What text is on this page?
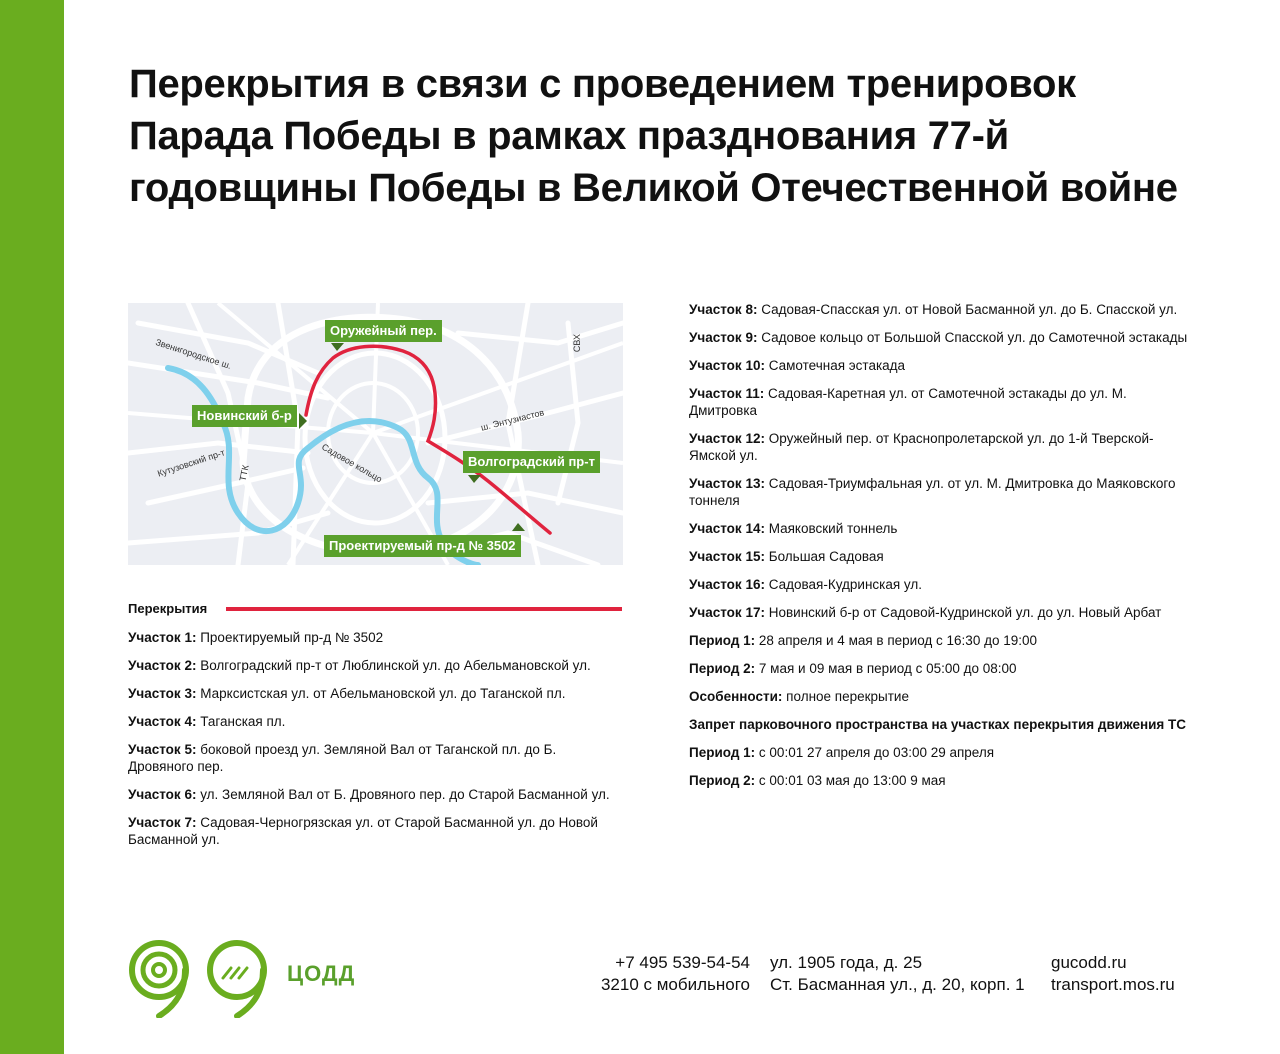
Перекрытия в связи с проведением тренировок Парада Победы в рамках празднования 77-й годовщины Победы в Великой Отечественной войне
Оружейный пер.
Новинский б-р
Волгоградский пр-т
Проектируемый пр-д № 3502
Звенигородское ш.
Кутузовский пр-т ТТК	Садовое кольцо
ш. Энтузиастов
СВХ
Перекрытия
Участок 1: Проектируемый пр-д № 3502
Участок 2: Волгоградский пр-т от Люблинской ул. до Абельмановской ул.
Участок 3: Марксистская ул. от Абельмановской ул. до Таганской пл.
Участок 4: Таганская пл.
Участок 5: боковой проезд ул. Земляной Вал от Таганской пл. до Б. Дровяного пер.
Участок 6: ул. Земляной Вал от Б. Дровяного пер. до Старой Басманной ул.
Участок 7: Садовая-Черногрязская ул. от Старой Басманной ул. до Новой Басманной ул.
Участок 8: Садовая-Спасская ул. от Новой Басманной ул. до Б. Спасской ул.
Участок 9: Садовое кольцо от Большой Спасской ул. до Самотечной эстакады
Участок 10: Самотечная эстакада
Участок 11: Садовая-Каретная ул. от Самотечной эстакады до ул. М. Дмитровка
Участок 12: Оружейный пер. от Краснопролетарской ул. до 1-й Тверской-Ямской ул.
Участок 13: Садовая-Триумфальная ул. от ул. М. Дмитровка до Маяковского тоннеля
Участок 14: Маяковский тоннель
Участок 15: Большая Садовая
Участок 16: Садовая-Кудринская ул.
Участок 17: Новинский б-р от Садовой-Кудринской ул. до ул. Новый Арбат
Период 1: 28 апреля и 4 мая в период с 16:30 до 19:00
Период 2: 7 мая и 09 мая в период с 05:00 до 08:00
Особенности: полное перекрытие
Запрет парковочного пространства на участках перекрытия движения ТС
Период 1: с 00:01 27 апреля до 03:00 29 апреля
Период 2: с 00:01 03 мая до 13:00 9 мая
ЦОДД	+7 495 539-54-54
3210 с мобильного
ул. 1905 года, д. 25
Ст. Басманная ул., д. 20, корп. 1
gucodd.ru
transport.mos.ru
